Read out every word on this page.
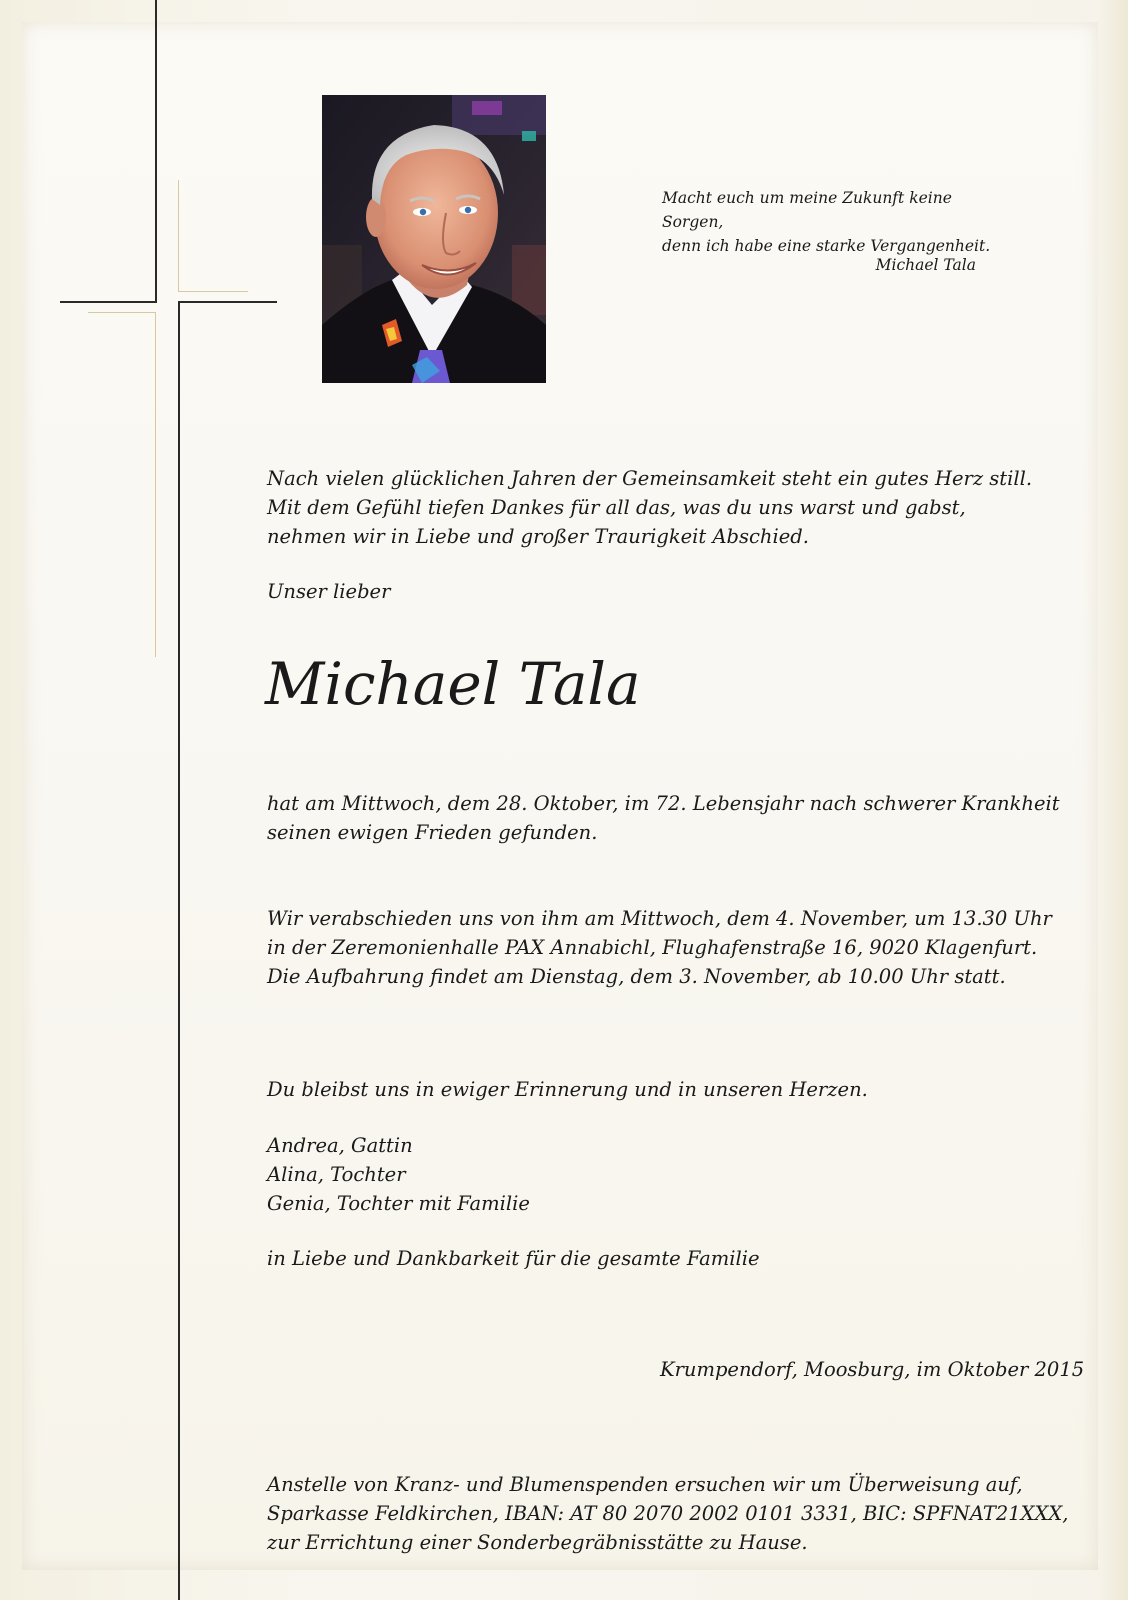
Macht euch um meine Zukunft keine Sorgen,
denn ich habe eine starke Vergangenheit.
Michael Tala

Nach vielen glücklichen Jahren der Gemeinsamkeit steht ein gutes Herz still.
Mit dem Gefühl tiefen Dankes für all das, was du uns warst und gabst,
nehmen wir in Liebe und großer Traurigkeit Abschied.

Unser lieber

Michael Tala

hat am Mittwoch, dem 28. Oktober, im 72. Lebensjahr nach schwerer Krankheit
seinen ewigen Frieden gefunden.

Wir verabschieden uns von ihm am Mittwoch, dem 4. November, um 13.30 Uhr
in der Zeremonienhalle PAX Annabichl, Flughafenstraße 16, 9020 Klagenfurt.
Die Aufbahrung findet am Dienstag, dem 3. November, ab 10.00 Uhr statt.

Du bleibst uns in ewiger Erinnerung und in unseren Herzen.

Andrea, Gattin
Alina, Tochter
Genia, Tochter mit Familie

in Liebe und Dankbarkeit für die gesamte Familie

Krumpendorf, Moosburg, im Oktober 2015

Anstelle von Kranz- und Blumenspenden ersuchen wir um Überweisung auf,
Sparkasse Feldkirchen, IBAN: AT 80 2070 2002 0101 3331, BIC: SPFNAT21XXX,
zur Errichtung einer Sonderbegräbnisstätte zu Hause.
